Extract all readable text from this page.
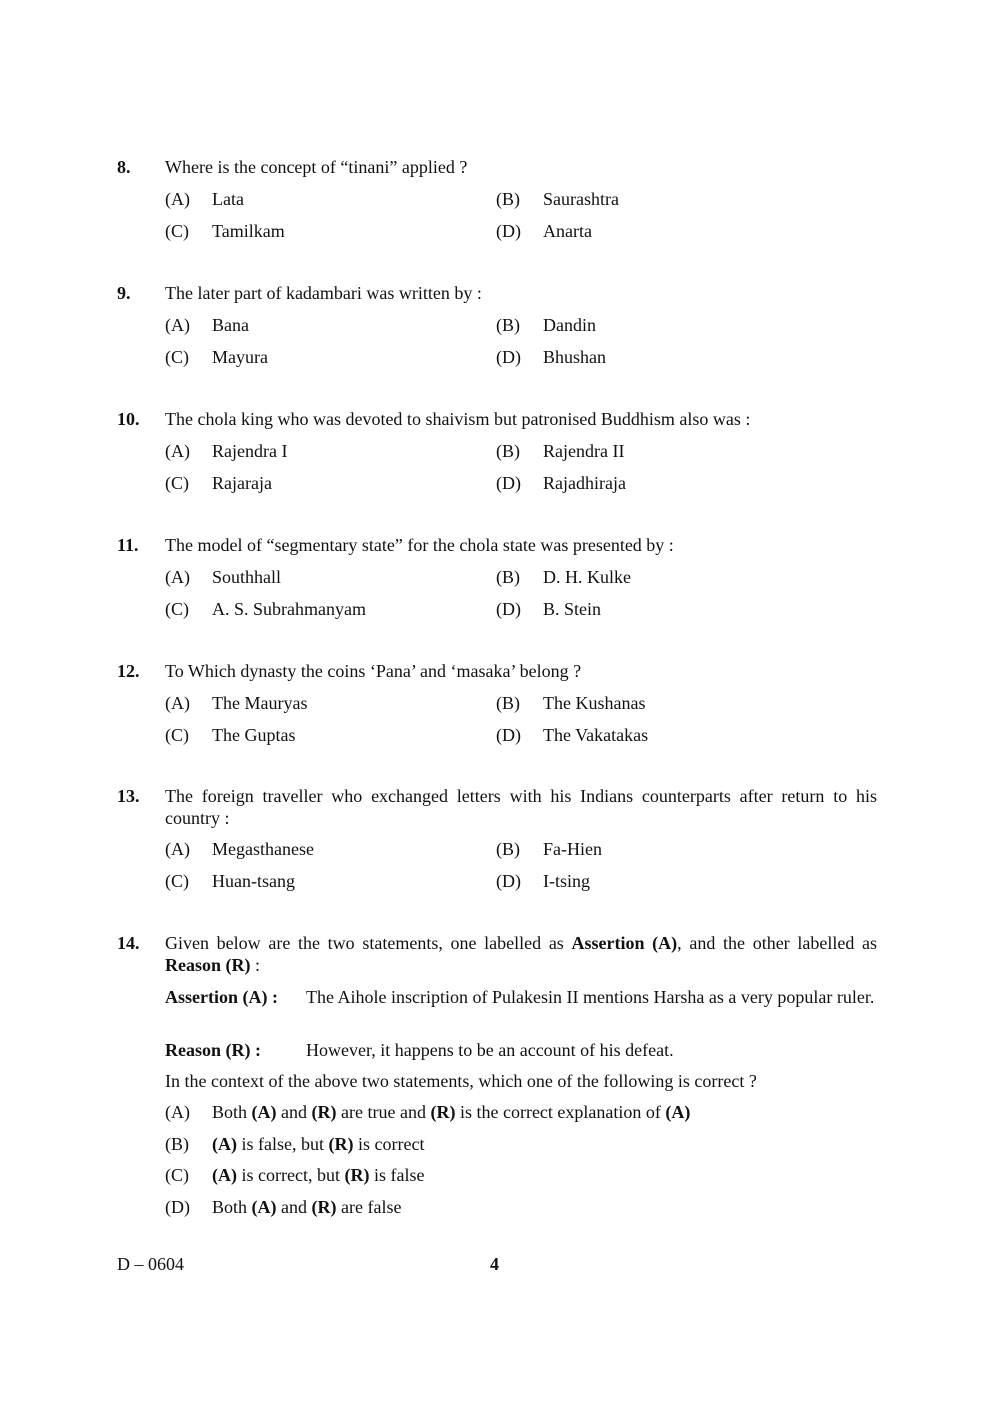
8. Where is the concept of “tinani” applied ?
(A) Lata	(B) Saurashtra
(C) Tamilkam	(D) Anarta
9. The later part of kadambari was written by :
(A) Bana	(B) Dandin
(C) Mayura	(D) Bhushan
10. The chola king who was devoted to shaivism but patronised Buddhism also was :
(A) Rajendra I	(B) Rajendra II
(C) Rajaraja	(D) Rajadhiraja
11. The model of “segmentary state” for the chola state was presented by :
(A) Southhall	(B) D. H. Kulke
(C) A. S. Subrahmanyam	(D) B. Stein
12. To Which dynasty the coins ‘Pana’ and ‘masaka’ belong ?
(A) The Mauryas	(B) The Kushanas
(C) The Guptas	(D) The Vakatakas
13. The foreign traveller who exchanged letters with his Indians counterparts after return to his country :
(A) Megasthanese	(B) Fa-Hien
(C) Huan-tsang	(D) I-tsing
14. Given below are the two statements, one labelled as Assertion (A), and the other labelled as Reason (R) :
Assertion (A) : The Aihole inscription of Pulakesin II mentions Harsha as a very popular ruler.
Reason (R) :	However, it happens to be an account of his defeat.
In the context of the above two statements, which one of the following is correct ?
(A) Both (A) and (R) are true and (R) is the correct explanation of (A)
(B) (A) is false, but (R) is correct
(C) (A) is correct, but (R) is false
(D) Both (A) and (R) are false
D – 0604	4
